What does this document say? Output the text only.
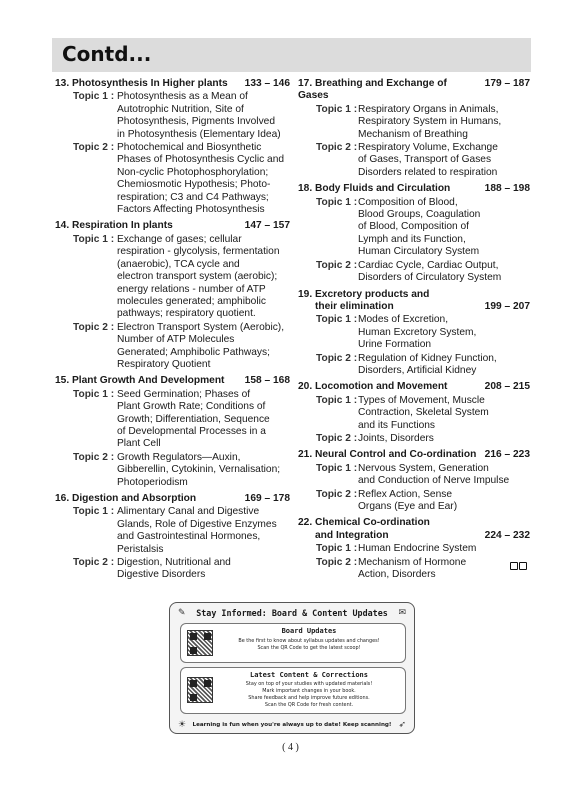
Contd...
13. Photosynthesis In Higher plants	133 – 146
Topic 1 : Photosynthesis as a Mean of
Autotrophic Nutrition, Site of
Photosynthesis, Pigments Involved
in Photosynthesis (Elementary Idea)
Topic 2 : Photochemical and Biosynthetic
Phases of Photosynthesis Cyclic and
Non-cyclic Photophosphorylation;
Chemiosmotic Hypothesis; Photo-
respiration; C3 and C4 Pathways;
Factors Affecting Photosynthesis
14. Respiration In plants	147 – 157
Topic 1 : Exchange of gases; cellular
respiration - glycolysis, fermentation
(anaerobic), TCA cycle and
electron transport system (aerobic);
energy relations - number of ATP
molecules generated; amphibolic
pathways; respiratory quotient.
Topic 2 : Electron Transport System (Aerobic),
Number of ATP Molecules
Generated; Amphibolic Pathways;
Respiratory Quotient
15. Plant Growth And Development	158 – 168
Topic 1 : Seed Germination; Phases of
Plant Growth Rate; Conditions of
Growth; Differentiation, Sequence
of Developmental Processes in a
Plant Cell
Topic 2 : Growth Regulators—Auxin,
Gibberellin, Cytokinin, Vernalisation;
Photoperiodism
16. Digestion and Absorption	169 – 178
Topic 1 : Alimentary Canal and Digestive
Glands, Role of Digestive Enzymes
and Gastrointestinal Hormones,
Peristalsis
Topic 2 : Digestion, Nutritional and
Digestive Disorders
17. Breathing and Exchange of Gases
179 – 187
Topic 1 : Respiratory Organs in Animals,
Respiratory System in Humans,
Mechanism of Breathing
Topic 2 : Respiratory Volume, Exchange
of Gases, Transport of Gases
Disorders related to respiration
18. Body Fluids and Circulation	188 – 198
Topic 1 : Composition of Blood,
Blood Groups, Coagulation
of Blood, Composition of
Lymph and its Function,
Human Circulatory System
Topic 2 : Cardiac Cycle, Cardiac Output,
Disorders of Circulatory System
19. Excretory products and
their elimination	199 – 207
Topic 1 : Modes of Excretion,
Human Excretory System,
Urine Formation
Topic 2 : Regulation of Kidney Function,
Disorders, Artificial Kidney
20. Locomotion and Movement	208 – 215
Topic 1 : Types of Movement, Muscle
Contraction, Skeletal System
and its Functions
Topic 2 : Joints, Disorders
21. Neural Control and Co-ordination 216 – 223
Topic 1 : Nervous System, Generation
and Conduction of Nerve Impulse
Topic 2 : Reflex Action, Sense
Organs (Eye and Ear)
22. Chemical Co-ordination
and Integration	224 – 232
Topic 1 : Human Endocrine System
Topic 2 : Mechanism of Hormone
Action, Disorders
✎	✉
Stay Informed: Board & Content Updates
Board Updates
Be the first to know about syllabus updates and changes!
Scan the QR Code to get the latest scoop!
Latest Content & Corrections
Stay on top of your studies with updated materials!
Mark important changes in your book.
Share feedback and help improve future editions.
Scan the QR Code for fresh content.
☀	➶
Learning is fun when you're always up to date! Keep scanning!
( 4 )
